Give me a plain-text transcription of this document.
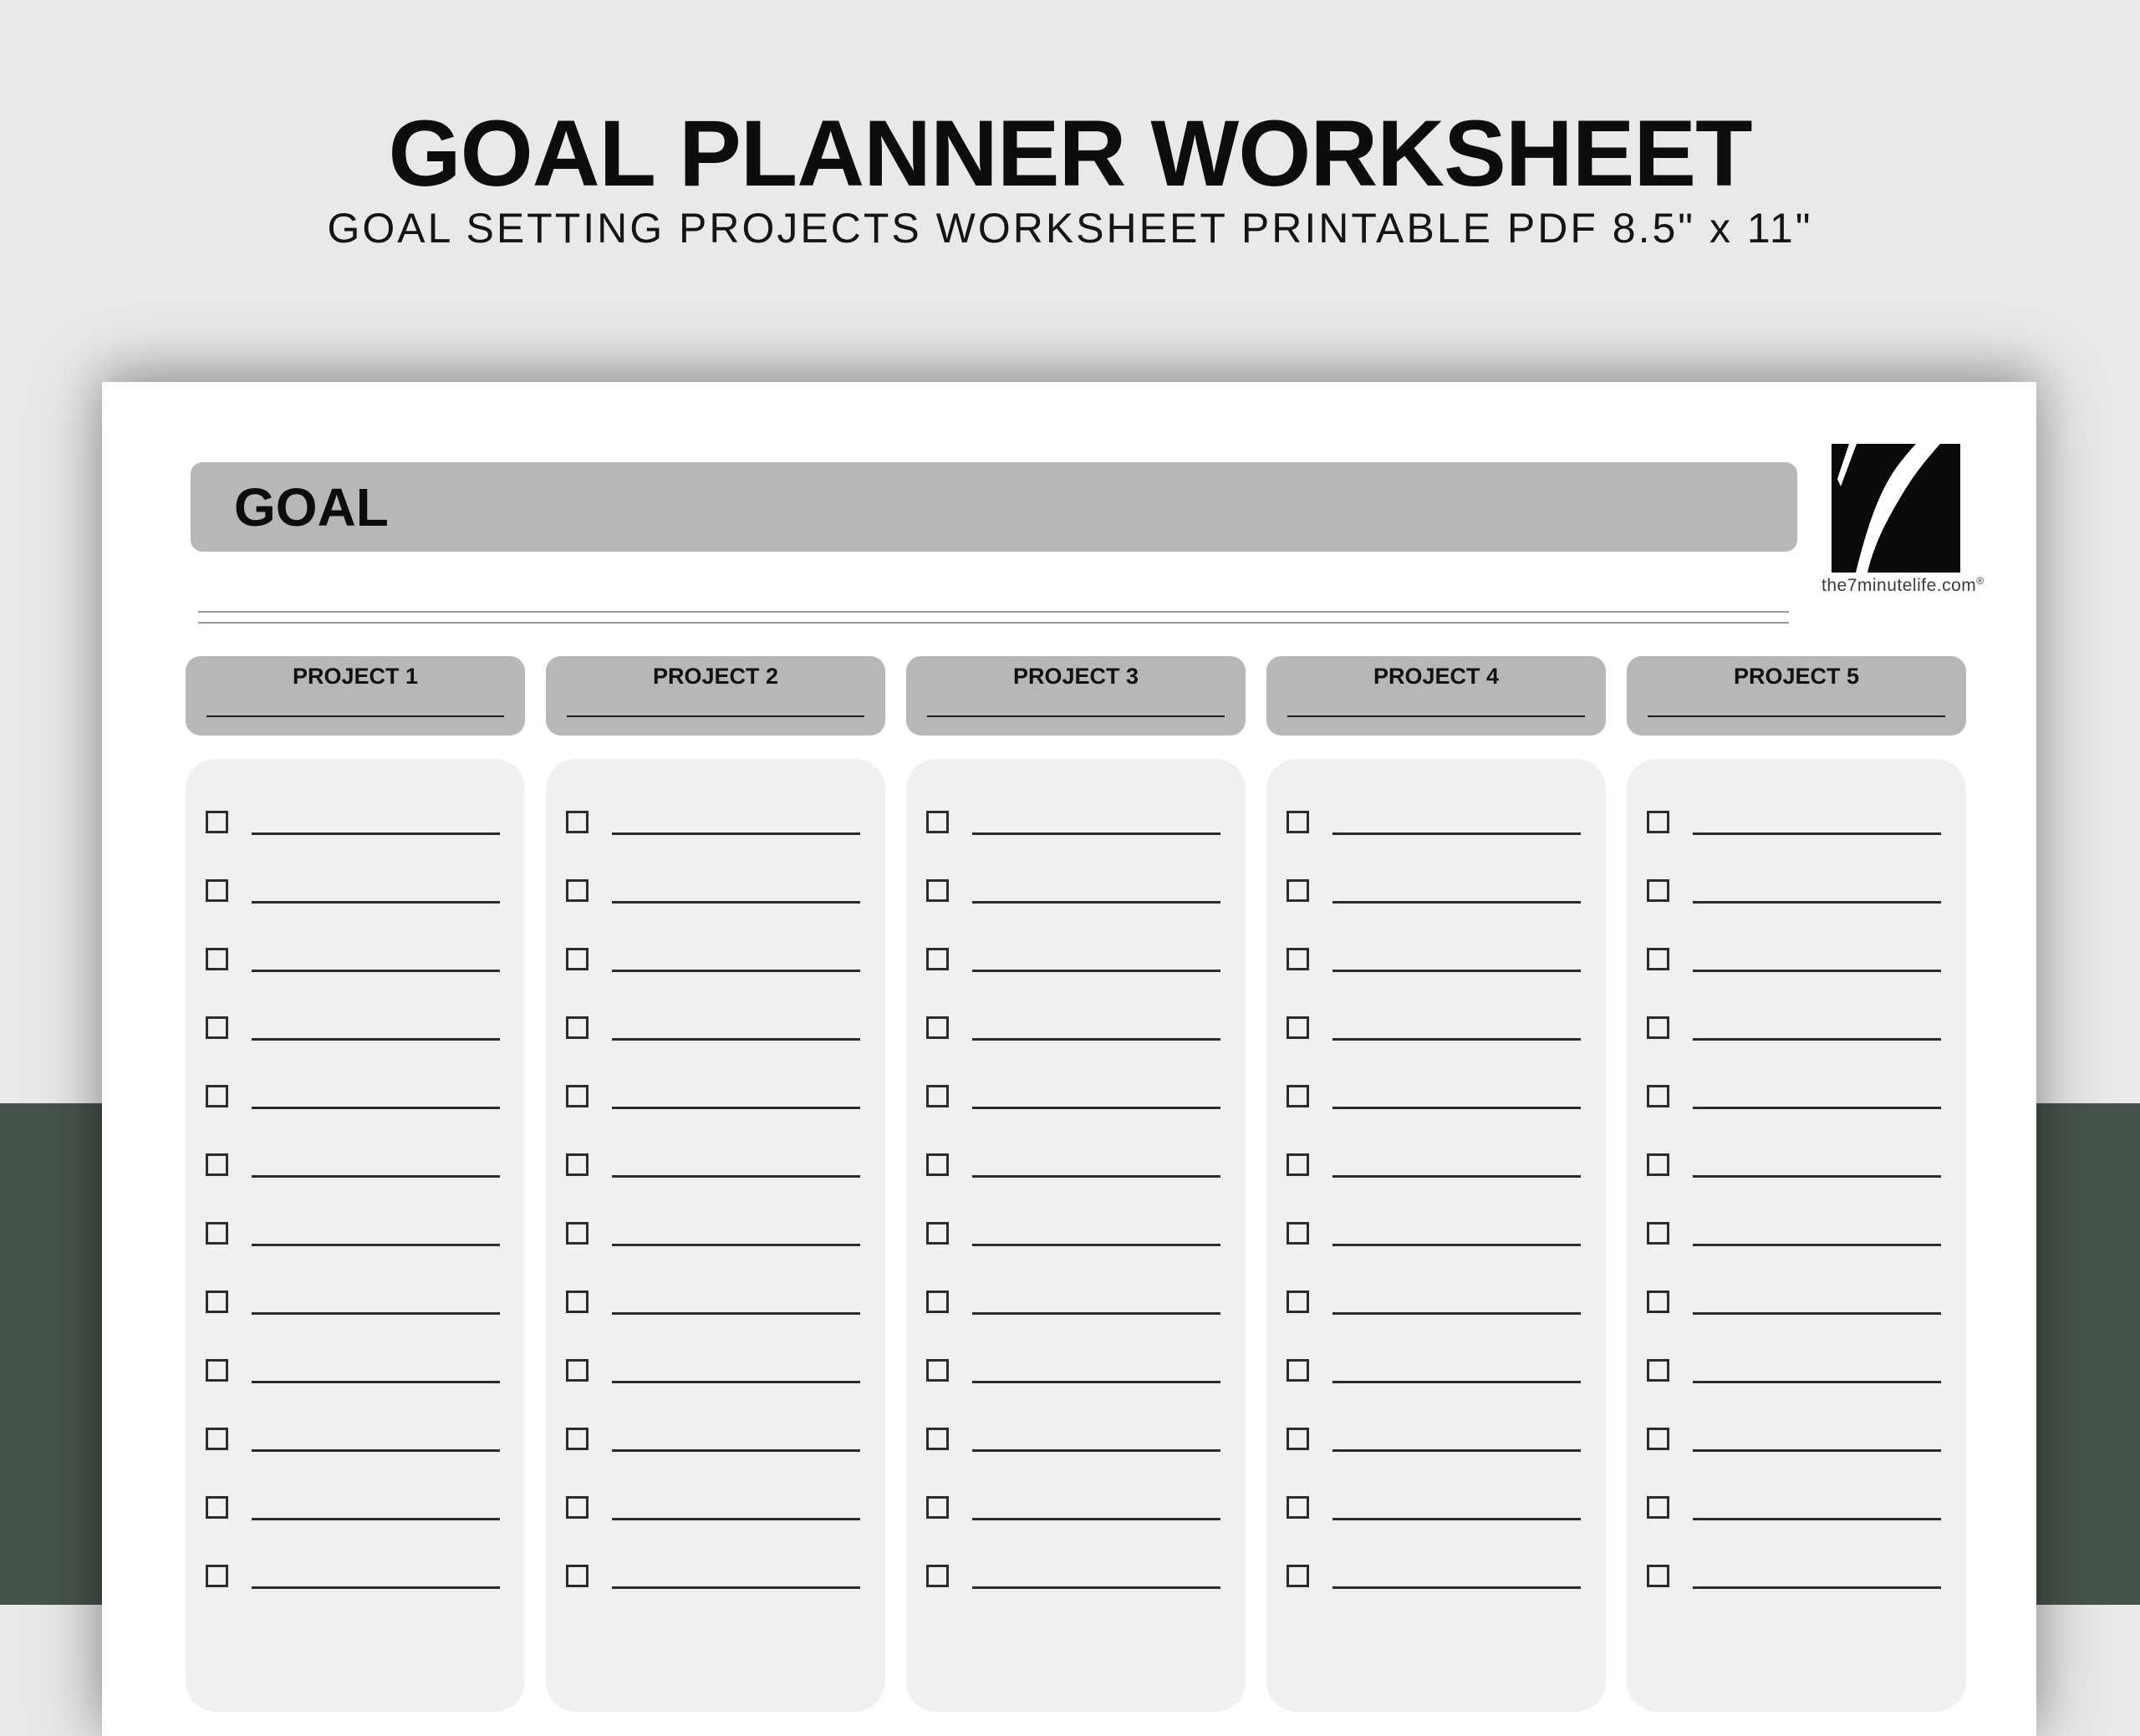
GOAL PLANNER WORKSHEET
GOAL SETTING PROJECTS WORKSHEET PRINTABLE PDF 8.5" x 11"
GOAL
the7minutelife.com®
PROJECT 1	PROJECT 2	PROJECT 3	PROJECT 4	PROJECT 5
